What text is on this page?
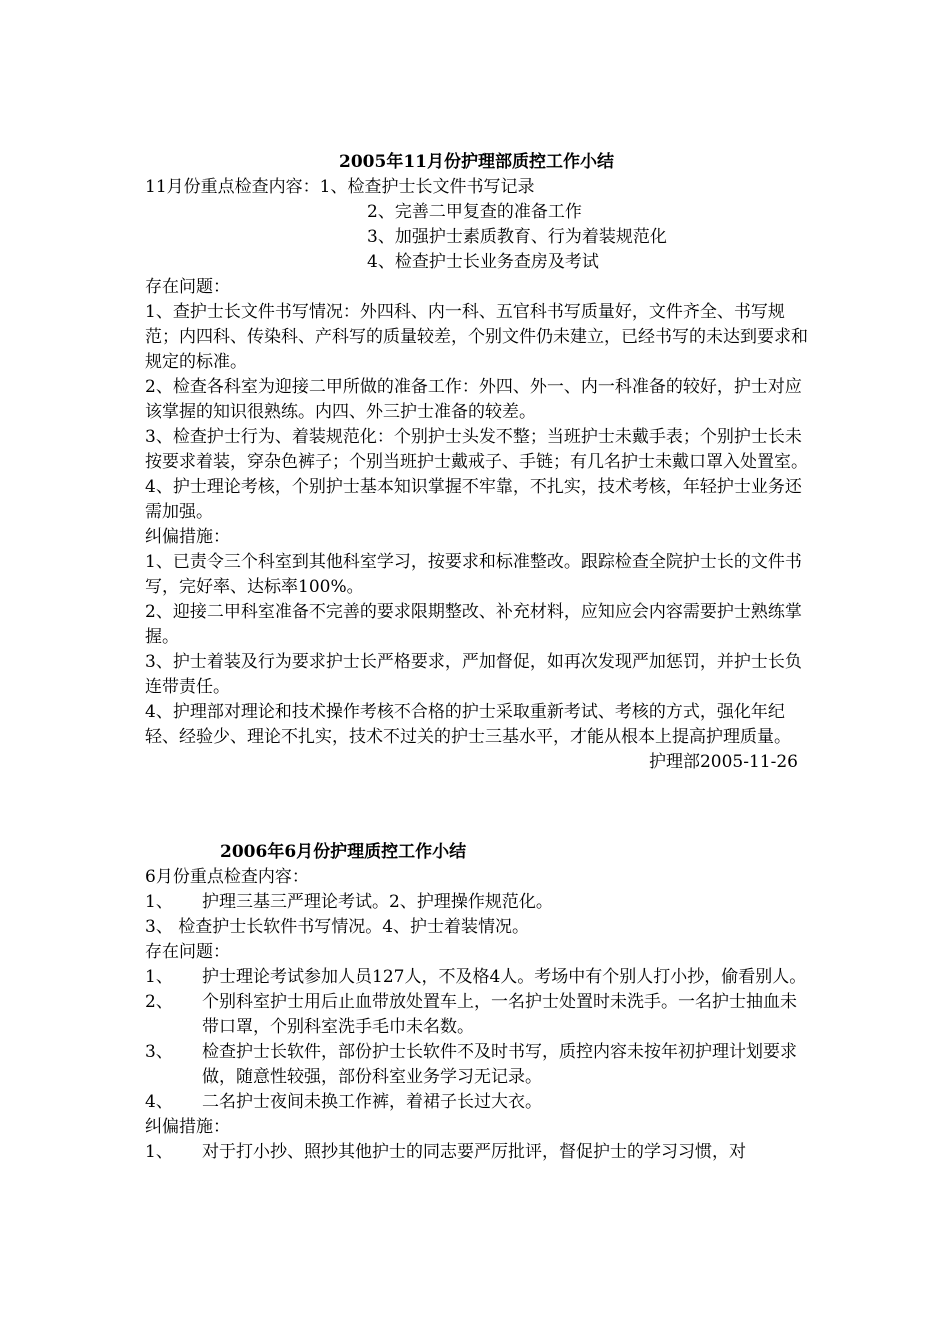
2005年11月份护理部质控工作小结

11月份重点检查内容：1、检查护士长文件书写记录

2、完善二甲复查的准备工作

3、加强护士素质教育、行为着装规范化

4、检查护士长业务查房及考试

存在问题：

1、查护士长文件书写情况：外四科、内一科、五官科书写质量好，文件齐全、书写规范；内四科、传染科、产科写的质量较差，个别文件仍未建立，已经书写的未达到要求和规定的标准。

2、检查各科室为迎接二甲所做的准备工作：外四、外一、内一科准备的较好，护士对应该掌握的知识很熟练。内四、外三护士准备的较差。

3、检查护士行为、着装规范化：个别护士头发不整；当班护士未戴手表；个别护士长未按要求着装，穿杂色裤子；个别当班护士戴戒子、手链；有几名护士未戴口罩入处置室。

4、护士理论考核，个别护士基本知识掌握不牢靠，不扎实，技术考核，年轻护士业务还需加强。

纠偏措施：

1、已责令三个科室到其他科室学习，按要求和标准整改。跟踪检查全院护士长的文件书写，完好率、达标率100%。

2、迎接二甲科室准备不完善的要求限期整改、补充材料，应知应会内容需要护士熟练掌握。

3、护士着装及行为要求护士长严格要求，严加督促，如再次发现严加惩罚，并护士长负连带责任。

4、护理部对理论和技术操作考核不合格的护士采取重新考试、考核的方式，强化年纪轻、经验少、理论不扎实，技术不过关的护士三基水平，才能从根本上提高护理质量。

护理部2005-11-26

2006年6月份护理质控工作小结

6月份重点检查内容：

1、	护理三基三严理论考试。2、护理操作规范化。

3、 检查护士长软件书写情况。4、护士着装情况。

存在问题：

1、	护士理论考试参加人员127人，不及格4人。考场中有个别人打小抄，偷看别人。
2、	个别科室护士用后止血带放处置车上，一名护士处置时未洗手。一名护士抽血未带口罩，个别科室洗手毛巾未名数。
3、	检查护士长软件，部份护士长软件不及时书写，质控内容未按年初护理计划要求做，随意性较强，部份科室业务学习无记录。
4、	二名护士夜间未换工作裤，着裙子长过大衣。

纠偏措施：

1、	对于打小抄、照抄其他护士的同志要严厉批评，督促护士的学习习惯，对
